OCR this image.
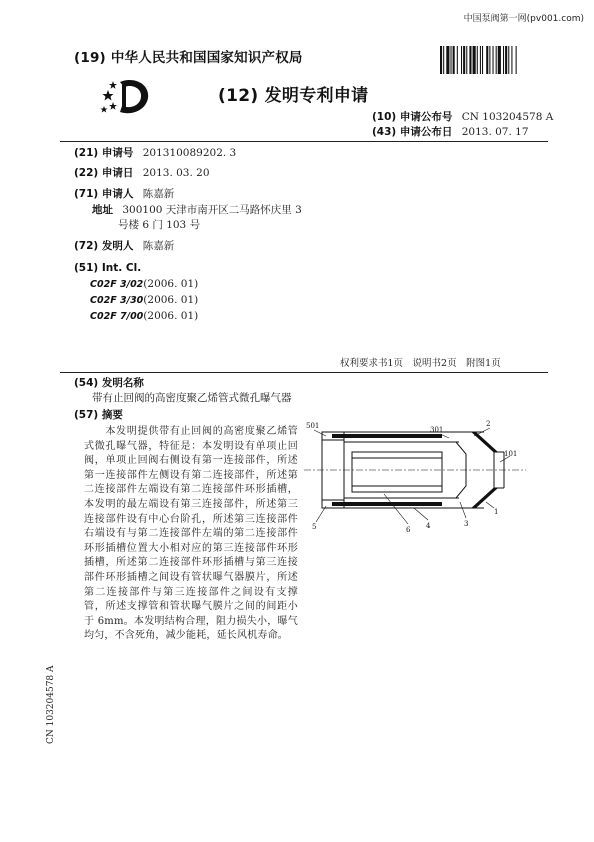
中国泵阀第一网(pv001.com)
(19) 中华人民共和国国家知识产权局
(12) 发明专利申请
(10) 申请公布号 CN 103204578 A
(43) 申请公布日 2013. 07. 17
(21) 申请号 201310089202. 3
(22) 申请日 2013. 03. 20
(71) 申请人 陈嘉新
地址 300100 天津市南开区二马路怀庆里 3
号楼 6 门 103 号
(72) 发明人 陈嘉新
(51) Int. Cl.
C02F 3/02(2006. 01)
C02F 3/30(2006. 01)
C02F 7/00(2006. 01)
权利要求书1页　说明书2页　附图1页
(54) 发明名称
带有止回阀的高密度聚乙烯管式微孔曝气器
(57) 摘要
　　本发明提供带有止回阀的高密度聚乙烯管式微孔曝气器，特征是：本发明设有单项止回阀，单项止回阀右侧设有第一连接部件，所述第一连接部件左侧设有第二连接部件，所述第二连接部件左端设有第二连接部件环形插槽，本发明的最左端设有第三连接部件，所述第三连接部件设有中心台阶孔，所述第三连接部件右端设有与第二连接部件左端的第二连接部件环形插槽位置大小相对应的第三连接部件环形插槽，所述第二连接部件环形插槽与第三连接部件环形插槽之间设有管状曝气器膜片，所述第二连接部件与第三连接部件之间设有支撑管，所述支撑管和管状曝气膜片之间的间距小于 6mm。本发明结构合理，阻力损失小，曝气均匀，不含死角，减少能耗，延长风机寿命。
501	301
2
101
5	6 4	3
1
CN 103204578 A
